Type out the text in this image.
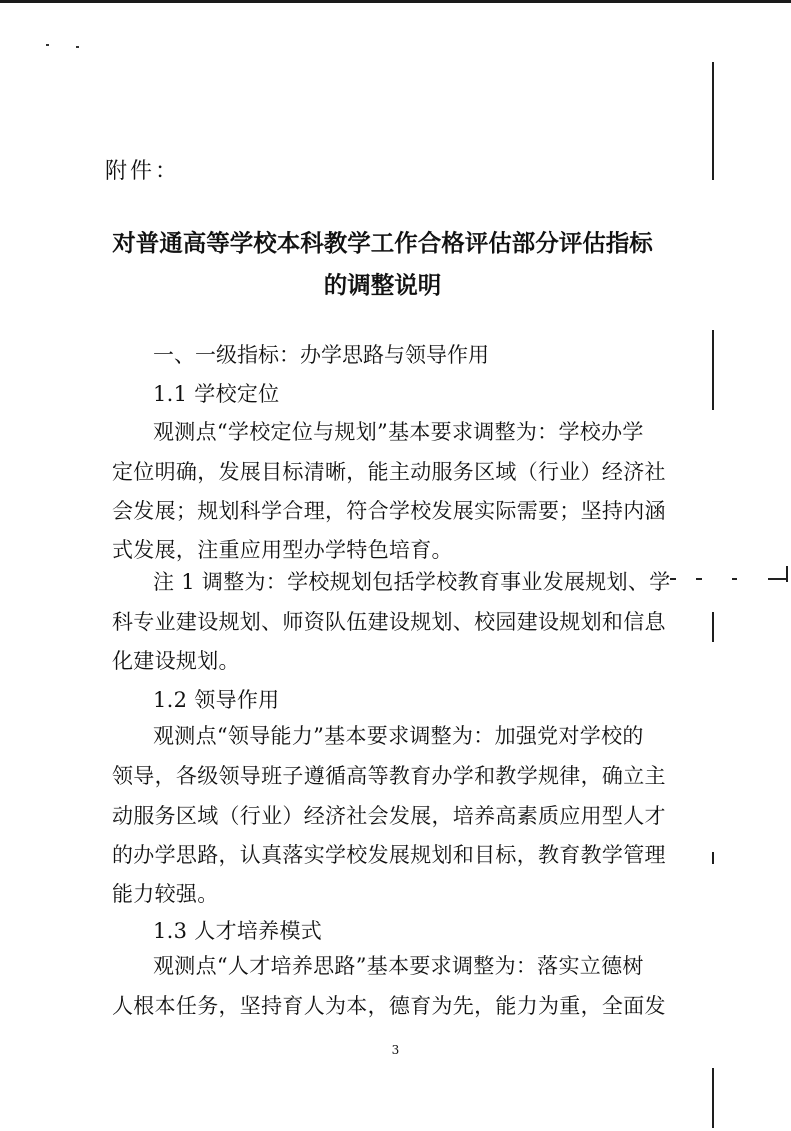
附件：
对普通高等学校本科教学工作合格评估部分评估指标
的调整说明
一、一级指标：办学思路与领导作用
1.1 学校定位
观测点“学校定位与规划”基本要求调整为：学校办学
定位明确，发展目标清晰，能主动服务区域（行业）经济社
会发展；规划科学合理，符合学校发展实际需要；坚持内涵
式发展，注重应用型办学特色培育。
注 1 调整为：学校规划包括学校教育事业发展规划、学
科专业建设规划、师资队伍建设规划、校园建设规划和信息
化建设规划。
1.2 领导作用
观测点“领导能力”基本要求调整为：加强党对学校的
领导，各级领导班子遵循高等教育办学和教学规律，确立主
动服务区域（行业）经济社会发展，培养高素质应用型人才
的办学思路，认真落实学校发展规划和目标，教育教学管理
能力较强。
1.3 人才培养模式
观测点“人才培养思路”基本要求调整为：落实立德树
人根本任务，坚持育人为本，德育为先，能力为重，全面发
3
